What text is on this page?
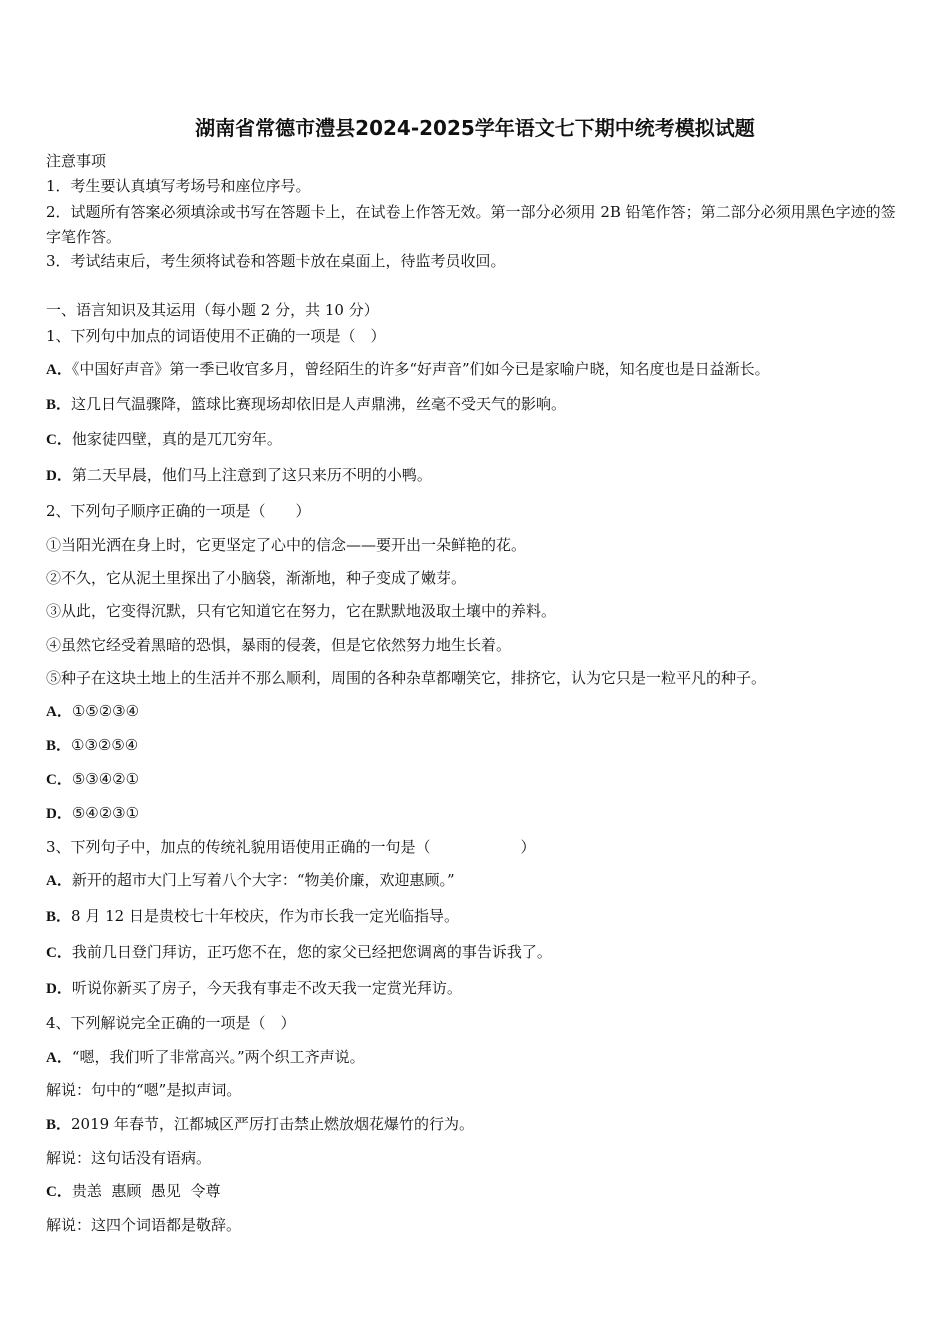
湖南省常德市澧县2024-2025学年语文七下期中统考模拟试题
注意事项
1．考生要认真填写考场号和座位序号。
2．试题所有答案必须填涂或书写在答题卡上，在试卷上作答无效。第一部分必须用 2B 铅笔作答；第二部分必须用黑色字迹的签字笔作答。
3．考试结束后，考生须将试卷和答题卡放在桌面上，待监考员收回。
一、语言知识及其运用（每小题 2 分，共 10 分）
1、下列句中加点的词语使用不正确的一项是（　）
A．《中国好声音》第一季已收官多月，曾经陌生的许多“好声音”们如今已是家喻户晓，知名度也是日益渐长。
B．这几日气温骤降，篮球比赛现场却依旧是人声鼎沸，丝毫不受天气的影响。
C．他家徒四壁，真的是兀兀穷年。
D．第二天早晨，他们马上注意到了这只来历不明的小鸭。
2、下列句子顺序正确的一项是（　　）
①当阳光洒在身上时，它更坚定了心中的信念——要开出一朵鲜艳的花。
②不久，它从泥土里探出了小脑袋，渐渐地，种子变成了嫩芽。
③从此，它变得沉默，只有它知道它在努力，它在默默地汲取土壤中的养料。
④虽然它经受着黑暗的恐惧，暴雨的侵袭，但是它依然努力地生长着。
⑤种子在这块土地上的生活并不那么顺利，周围的各种杂草都嘲笑它，排挤它，认为它只是一粒平凡的种子。
A．①⑤②③④
B．①③②⑤④
C．⑤③④②①
D．⑤④②③①
3、下列句子中，加点的传统礼貌用语使用正确的一句是（　　　　　　）
A．新开的超市大门上写着八个大字：“物美价廉，欢迎惠顾。”
B．8 月 12 日是贵校七十年校庆，作为市长我一定光临指导。
C．我前几日登门拜访，正巧您不在，您的家父已经把您调离的事告诉我了。
D．听说你新买了房子，今天我有事走不改天我一定赏光拜访。
4、下列解说完全正确的一项是（　）
A．“嗯，我们听了非常高兴。”两个织工齐声说。
解说：句中的“嗯”是拟声词。
B．2019 年春节，江都城区严厉打击禁止燃放烟花爆竹的行为。
解说：这句话没有语病。
C．贵恙  惠顾  愚见  令尊
解说：这四个词语都是敬辞。
